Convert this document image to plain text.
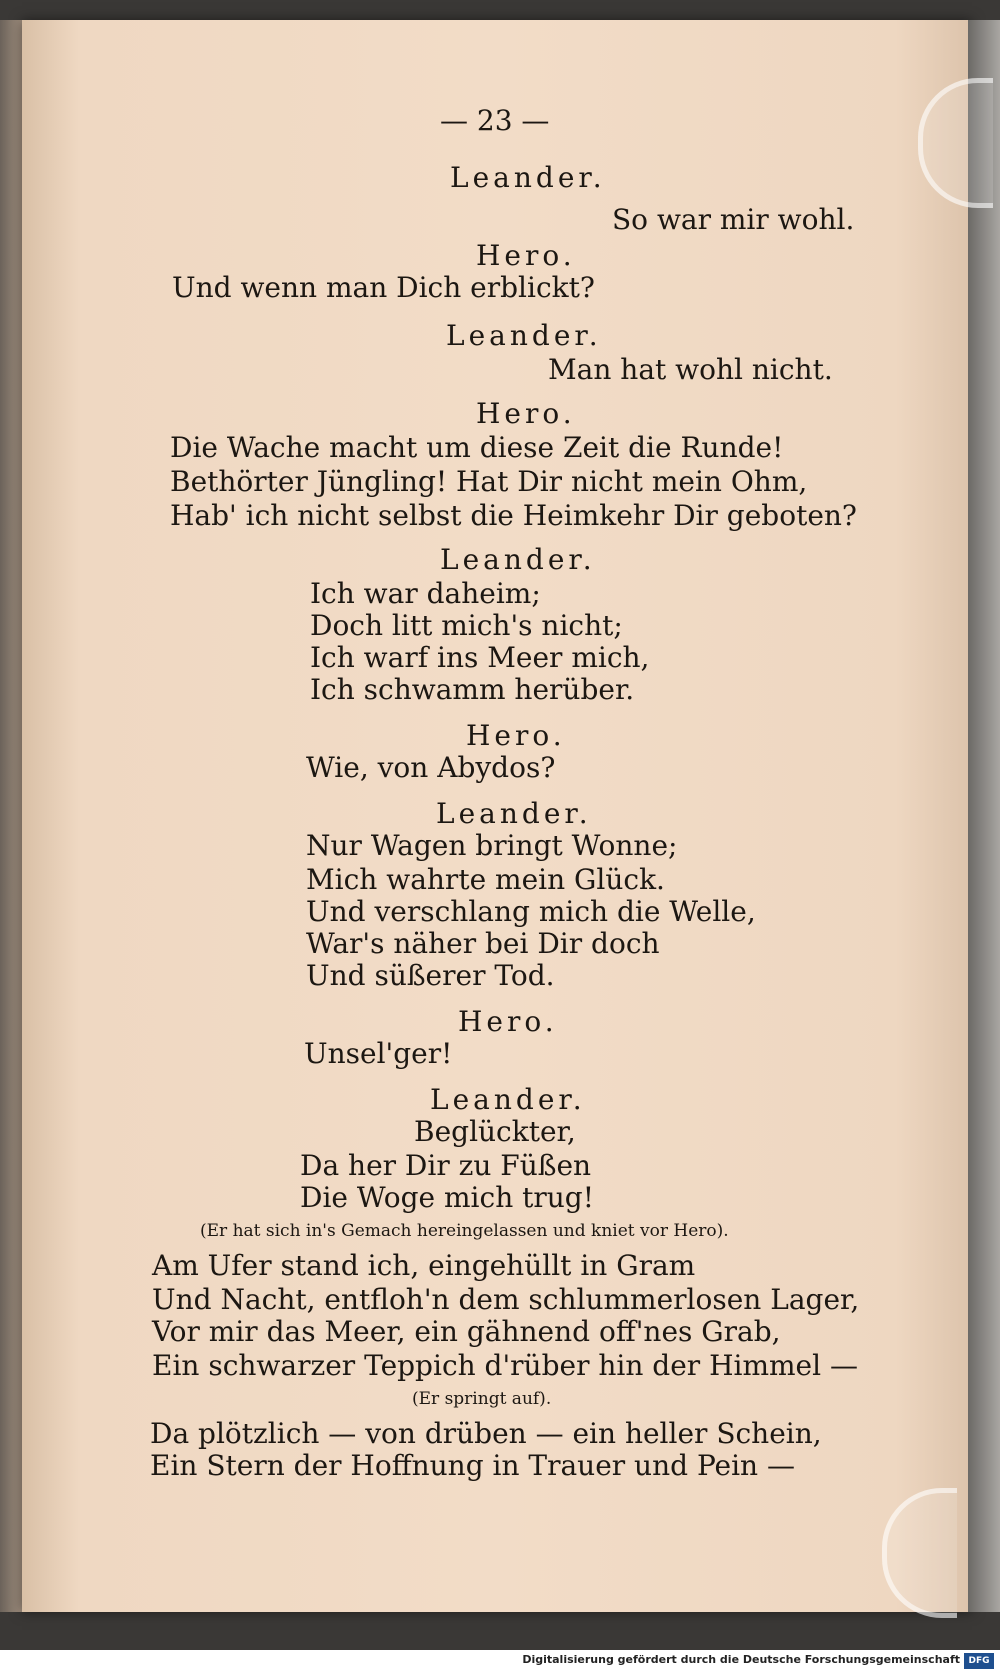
— 23 —
Leander.
So war mir wohl.
Hero.
Und wenn man Dich erblickt?
Leander.
Man hat wohl nicht.
Hero.
Die Wache macht um diese Zeit die Runde!
Bethörter Jüngling! Hat Dir nicht mein Ohm,
Hab' ich nicht selbst die Heimkehr Dir geboten?
Leander.
Ich war daheim;
Doch litt mich's nicht;
Ich warf ins Meer mich,
Ich schwamm herüber.
Hero.
Wie, von Abydos?
Leander.
Nur Wagen bringt Wonne;
Mich wahrte mein Glück.
Und verschlang mich die Welle,
War's näher bei Dir doch
Und süßerer Tod.
Hero.
Unsel'ger!
Leander.
Beglückter,
Da her Dir zu Füßen
Die Woge mich trug!
(Er hat sich in's Gemach hereingelassen und kniet vor Hero).
Am Ufer stand ich, eingehüllt in Gram
Und Nacht, entfloh'n dem schlummerlosen Lager,
Vor mir das Meer, ein gähnend off'nes Grab,
Ein schwarzer Teppich d'rüber hin der Himmel —
(Er springt auf).
Da plötzlich — von drüben — ein heller Schein,
Ein Stern der Hoffnung in Trauer und Pein —
Digitalisierung gefördert durch die Deutsche Forschungsgemeinschaft DFG
